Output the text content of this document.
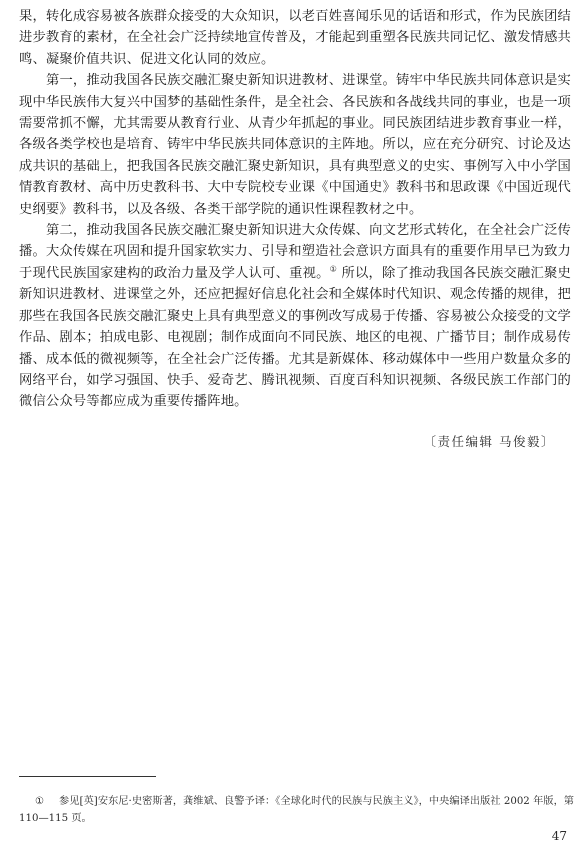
果，转化成容易被各族群众接受的大众知识，以老百姓喜闻乐见的话语和形式，作为民族团结进步教育的素材，在全社会广泛持续地宣传普及，才能起到重塑各民族共同记忆、激发情感共鸣、凝聚价值共识、促进文化认同的效应。

第一，推动我国各民族交融汇聚史新知识进教材、进课堂。铸牢中华民族共同体意识是实现中华民族伟大复兴中国梦的基础性条件，是全社会、各民族和各战线共同的事业，也是一项需要常抓不懈，尤其需要从教育行业、从青少年抓起的事业。同民族团结进步教育事业一样，各级各类学校也是培育、铸牢中华民族共同体意识的主阵地。所以，应在充分研究、讨论及达成共识的基础上，把我国各民族交融汇聚史新知识，具有典型意义的史实、事例写入中小学国情教育教材、高中历史教科书、大中专院校专业课《中国通史》教科书和思政课《中国近现代史纲要》教科书，以及各级、各类干部学院的通识性课程教材之中。

第二，推动我国各民族交融汇聚史新知识进大众传媒、向文艺形式转化，在全社会广泛传播。大众传媒在巩固和提升国家软实力、引导和塑造社会意识方面具有的重要作用早已为致力于现代民族国家建构的政治力量及学人认可、重视。① 所以，除了推动我国各民族交融汇聚史新知识进教材、进课堂之外，还应把握好信息化社会和全媒体时代知识、观念传播的规律，把那些在我国各民族交融汇聚史上具有典型意义的事例改写成易于传播、容易被公众接受的文学作品、剧本；拍成电影、电视剧；制作成面向不同民族、地区的电视、广播节目；制作成易传播、成本低的微视频等，在全社会广泛传播。尤其是新媒体、移动媒体中一些用户数量众多的网络平台，如学习强国、快手、爱奇艺、腾讯视频、百度百科知识视频、各级民族工作部门的微信公众号等都应成为重要传播阵地。

〔责任编辑 马俊毅〕
① 参见[英]安东尼·史密斯著，龚维斌、良警予译：《全球化时代的民族与民族主义》，中央编译出版社 2002 年版，第 110—115 页。
47
